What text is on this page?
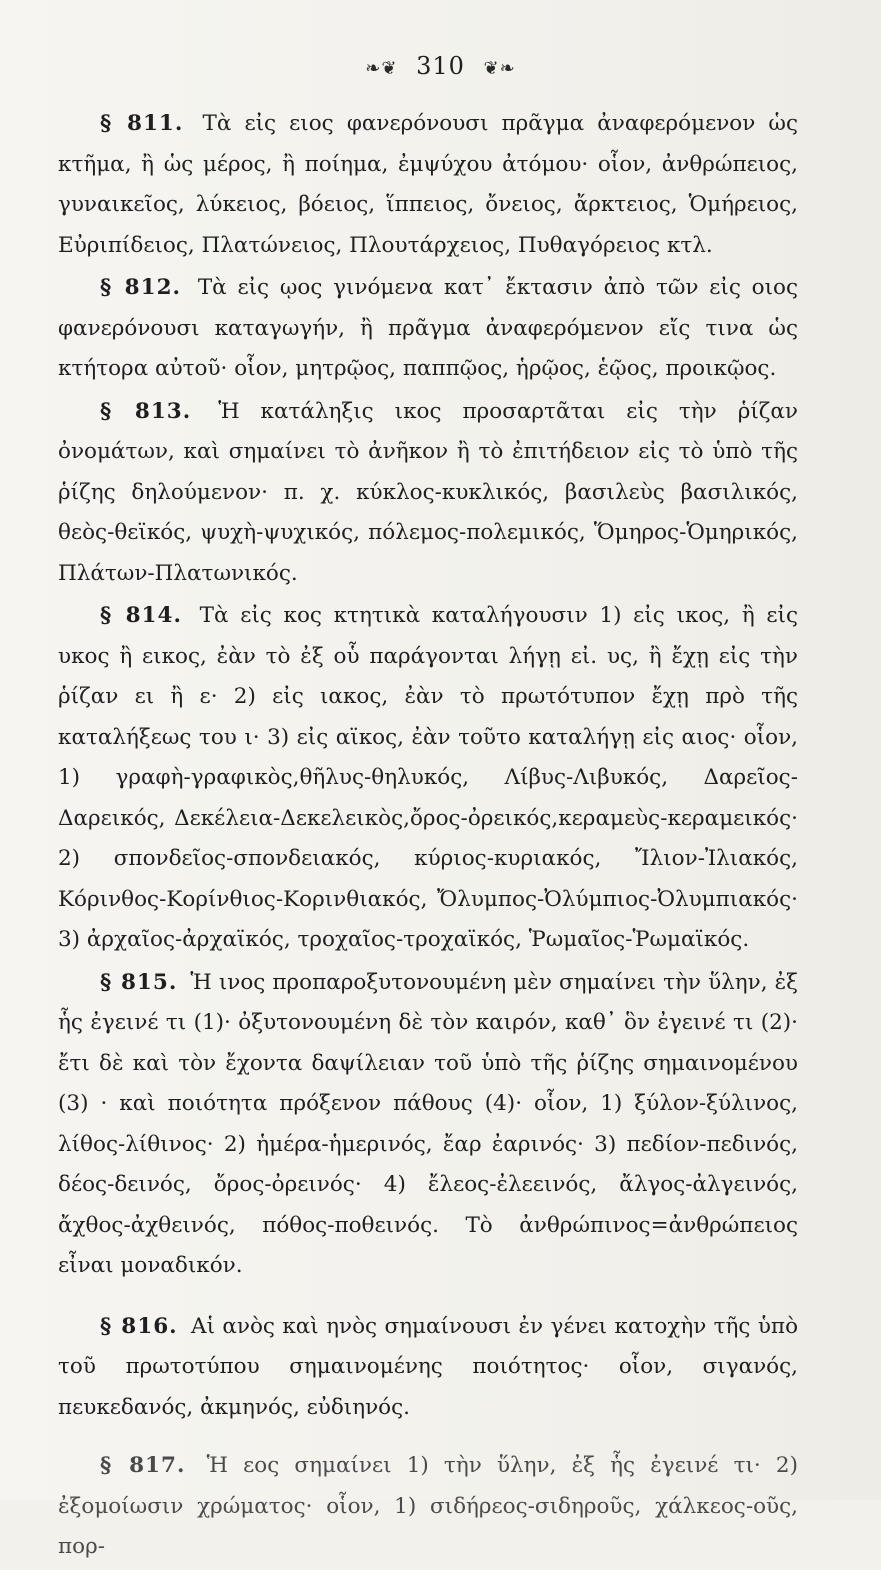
❧❦ 310 ❦❧

§ 811. Τὰ εἰς ειος φανερόνουσι πρᾶγμα ἀναφερόμενον ὡς κτῆμα, ἢ ὡς μέρος, ἢ ποίημα, ἐμψύχου ἀτόμου· οἷον, ἀνθρώπειος, γυναικεῖος, λύκειος, βόειος, ἵππειος, ὄνειος, ἄρκτειος, Ὁμήρειος, Εὐριπίδειος, Πλατώνειος, Πλουτάρχειος, Πυθαγόρειος κτλ.

§ 812. Τὰ εἰς ῳος γινόμενα κατ᾽ ἔκτασιν ἀπὸ τῶν εἰς οιος φανερόνουσι καταγωγήν, ἢ πρᾶγμα ἀναφερόμενον εἴς τινα ὡς κτήτορα αὐτοῦ· οἷον, μητρῷος, παππῷος, ἡρῷος, ἑῷος, προικῷος.

§ 813. Ἡ κατάληξις ικος προσαρτᾶται εἰς τὴν ῥίζαν ὀνομάτων, καὶ σημαίνει τὸ ἀνῆκον ἢ τὸ ἐπιτήδειον εἰς τὸ ὑπὸ τῆς ῥίζης δηλούμενον· π. χ. κύκλος-κυκλικός, βασιλεὺς βασιλικός, θεὸς-θεϊκός, ψυχὴ-ψυχικός, πόλεμος-πολεμικός, Ὅμηρος-Ὁμηρικός, Πλάτων-Πλατωνικός.

§ 814. Τὰ εἰς κος κτητικὰ καταλήγουσιν 1) εἰς ικος, ἢ εἰς υκος ἢ εικος, ἐὰν τὸ ἐξ οὗ παράγονται λήγῃ εἰ. υς, ἢ ἔχῃ εἰς τὴν ῥίζαν ει ἢ ε· 2) εἰς ιακος, ἐὰν τὸ πρωτότυπον ἔχῃ πρὸ τῆς καταλήξεως του ι· 3) εἰς αϊκος, ἐὰν τοῦτο καταλήγῃ εἰς αιος· οἷον, 1) γραφὴ-γραφικὸς,θῆλυς-θηλυκός, Λίβυς-Λιβυκός, Δαρεῖος-Δαρεικός, Δεκέλεια-Δεκελεικὸς,ὄρος-ὀρεικός,κεραμεὺς-κεραμεικός· 2) σπονδεῖος-σπονδειακός, κύριος-κυριακός, Ἴλιον-Ἰλιακός, Κόρινθος-Κορίνθιος-Κορινθιακός, Ὄλυμπος-Ὀλύμπιος-Ὀλυμπιακός· 3) ἀρχαῖος-ἀρχαϊκός, τροχαῖος-τροχαϊκός, Ῥωμαῖος-Ῥωμαϊκός.

§ 815. Ἡ ινος προπαροξυτονουμένη μὲν σημαίνει τὴν ὕλην, ἐξ ἧς ἐγεινέ τι (1)· ὀξυτονουμένη δὲ τὸν καιρόν, καθ᾽ ὃν ἐγεινέ τι (2)· ἔτι δὲ καὶ τὸν ἔχοντα δαψίλειαν τοῦ ὑπὸ τῆς ῥίζης σημαινομένου (3) · καὶ ποιότητα πρόξενον πάθους (4)· οἷον, 1) ξύλον-ξύλινος, λίθος-λίθινος· 2) ἡμέρα-ἡμερινός, ἔαρ ἐαρινός· 3) πεδίον-πεδινός, δέος-δεινός, ὄρος-ὀρεινός· 4) ἔλεος-ἐλεεινός, ἄλγος-ἀλγεινός, ἄχθος-ἀχθεινός, πόθος-ποθεινός. Τὸ ἀνθρώπινος=ἀνθρώπειος εἶναι μοναδικόν.

§ 816. Αἱ ανὸς καὶ ηνὸς σημαίνουσι ἐν γένει κατοχὴν τῆς ὑπὸ τοῦ πρωτοτύπου σημαινομένης ποιότητος· οἷον, σιγανός, πευκεδανός, ἀκμηνός, εὐδιηνός.

§ 817. Ἡ εος σημαίνει 1) τὴν ὕλην, ἐξ ἧς ἐγεινέ τι· 2) ἐξομοίωσιν χρώματος· οἷον, 1) σιδήρεος-σιδηροῦς, χάλκεος-οῦς, πορ-
